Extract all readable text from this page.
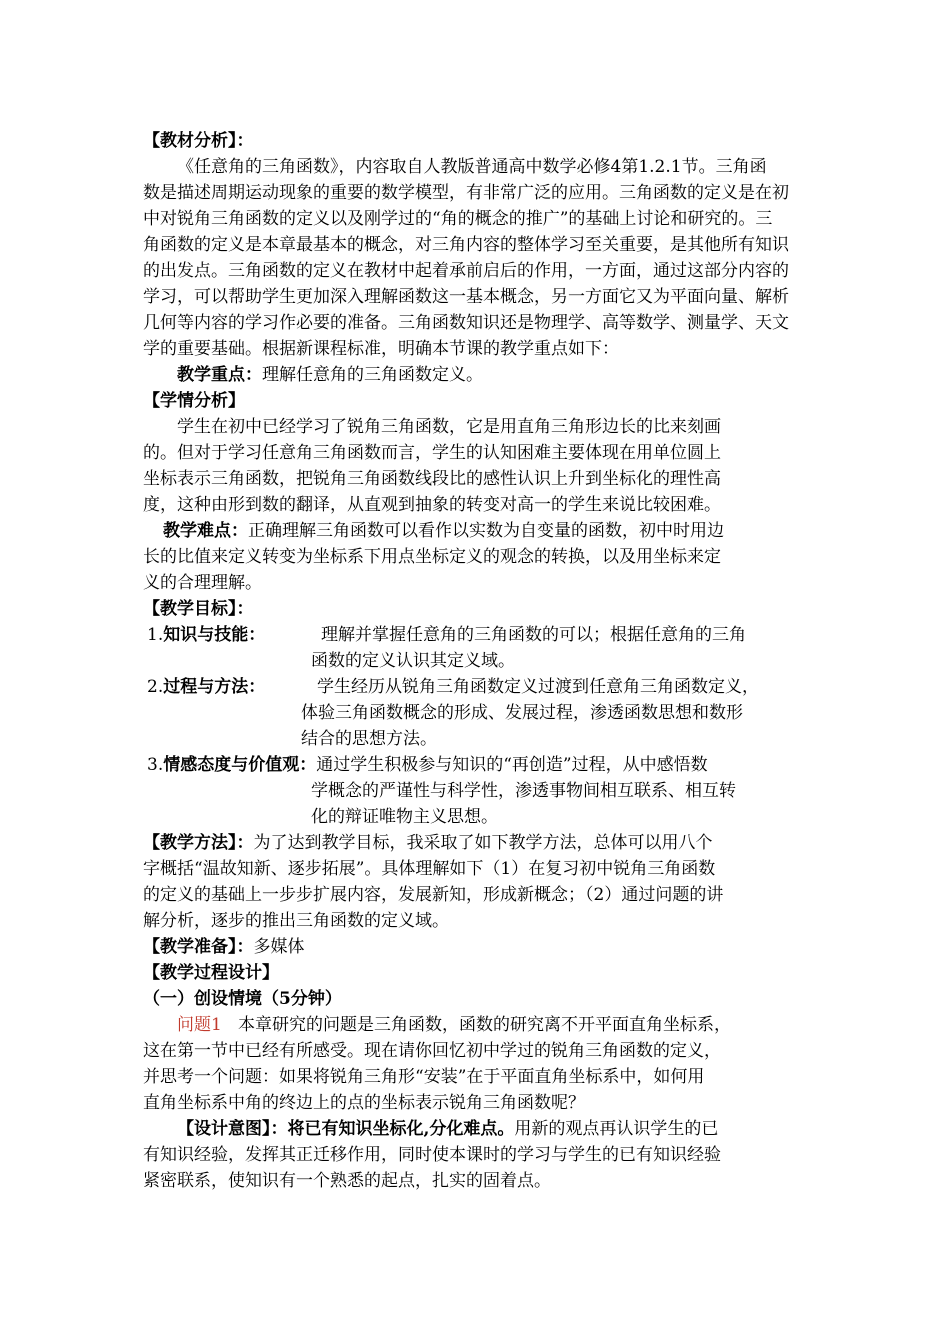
【教材分析】：
《任意角的三角函数》，内容取自人教版普通高中数学必修4第1.2.1节。三角函
数是描述周期运动现象的重要的数学模型，有非常广泛的应用。三角函数的定义是在初
中对锐角三角函数的定义以及刚学过的“角的概念的推广”的基础上讨论和研究的。三
角函数的定义是本章最基本的概念，对三角内容的整体学习至关重要，是其他所有知识
的出发点。三角函数的定义在教材中起着承前启后的作用，一方面，通过这部分内容的
学习，可以帮助学生更加深入理解函数这一基本概念，另一方面它又为平面向量、解析
几何等内容的学习作必要的准备。三角函数知识还是物理学、高等数学、测量学、天文
学的重要基础。根据新课程标准，明确本节课的教学重点如下：
教学重点：理解任意角的三角函数定义。
【学情分析】
学生在初中已经学习了锐角三角函数，它是用直角三角形边长的比来刻画
的。但对于学习任意角三角函数而言，学生的认知困难主要体现在用单位圆上
坐标表示三角函数，把锐角三角函数线段比的感性认识上升到坐标化的理性高
度，这种由形到数的翻译，从直观到抽象的转变对高一的学生来说比较困难。
教学难点：正确理解三角函数可以看作以实数为自变量的函数，初中时用边
长的比值来定义转变为坐标系下用点坐标定义的观念的转换，以及用坐标来定
义的合理理解。
【教学目标】：
1.知识与技能：	理解并掌握任意角的三角函数的可以；根据任意角的三角
函数的定义认识其定义域。
2.过程与方法：	学生经历从锐角三角函数定义过渡到任意角三角函数定义，
体验三角函数概念的形成、发展过程，渗透函数思想和数形
结合的思想方法。
3.情感态度与价值观：通过学生积极参与知识的“再创造”过程，从中感悟数
学概念的严谨性与科学性，渗透事物间相互联系、相互转
化的辩证唯物主义思想。
【教学方法】：为了达到教学目标，我采取了如下教学方法，总体可以用八个
字概括“温故知新、逐步拓展”。具体理解如下（1）在复习初中锐角三角函数
的定义的基础上一步步扩展内容，发展新知，形成新概念；（2）通过问题的讲
解分析，逐步的推出三角函数的定义域。
【教学准备】：多媒体
【教学过程设计】
（一）创设情境（5分钟）
问题1 本章研究的问题是三角函数，函数的研究离不开平面直角坐标系，
这在第一节中已经有所感受。现在请你回忆初中学过的锐角三角函数的定义，
并思考一个问题：如果将锐角三角形“安装”在于平面直角坐标系中，如何用
直角坐标系中角的终边上的点的坐标表示锐角三角函数呢？
【设计意图】：将已有知识坐标化,分化难点。用新的观点再认识学生的已
有知识经验，发挥其正迁移作用，同时使本课时的学习与学生的已有知识经验
紧密联系，使知识有一个熟悉的起点，扎实的固着点。
